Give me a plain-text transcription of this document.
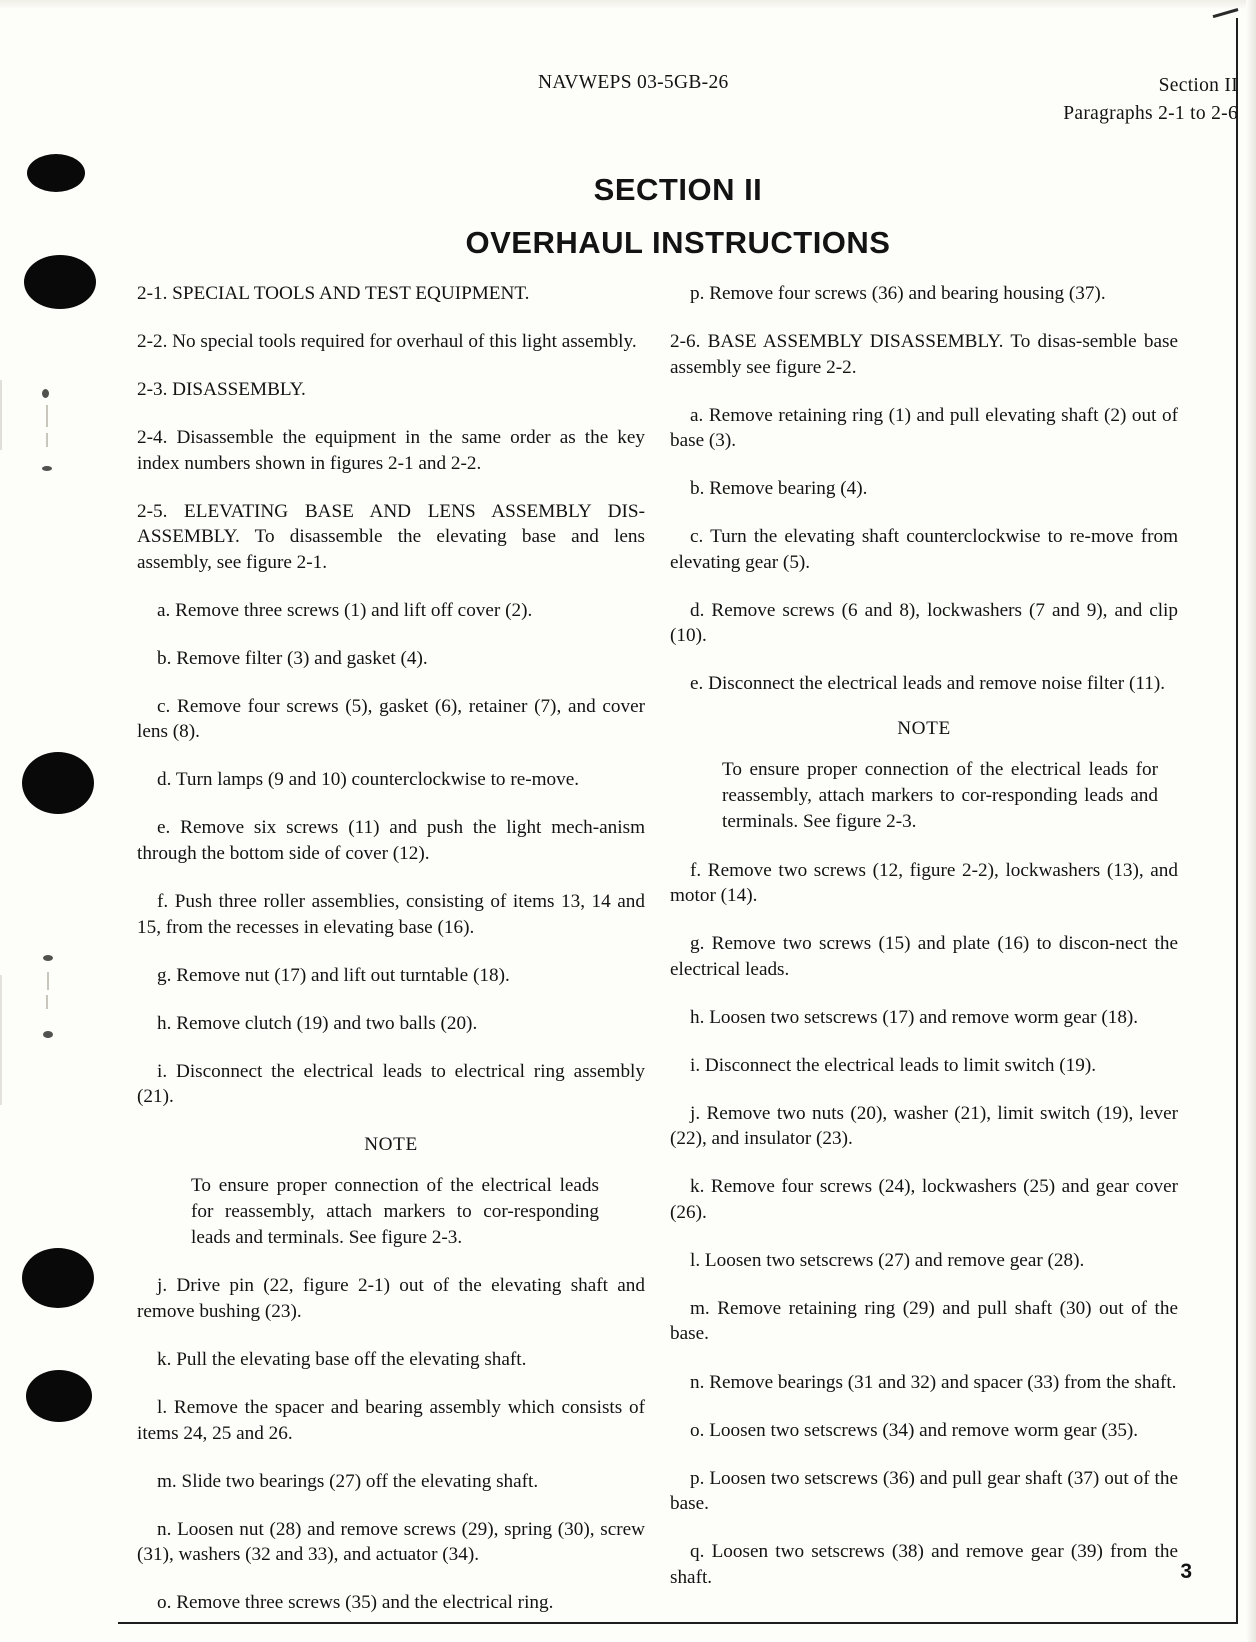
NAVWEPS 03-5GB-26	Section II
Paragraphs 2-1 to 2-6
SECTION II
OVERHAUL INSTRUCTIONS

2-1. SPECIAL TOOLS AND TEST EQUIPMENT.

2-2. No special tools required for overhaul of this light assembly.

2-3. DISASSEMBLY.

2-4. Disassemble the equipment in the same order as the key index numbers shown in figures 2-1 and 2-2.

2-5. ELEVATING BASE AND LENS ASSEMBLY DIS-ASSEMBLY. To disassemble the elevating base and lens assembly, see figure 2-1.

a. Remove three screws (1) and lift off cover (2).

b. Remove filter (3) and gasket (4).

c. Remove four screws (5), gasket (6), retainer (7), and cover lens (8).

d. Turn lamps (9 and 10) counterclockwise to re-move.

e. Remove six screws (11) and push the light mech-anism through the bottom side of cover (12).

f. Push three roller assemblies, consisting of items 13, 14 and 15, from the recesses in elevating base (16).

g. Remove nut (17) and lift out turntable (18).

h. Remove clutch (19) and two balls (20).

i. Disconnect the electrical leads to electrical ring assembly (21).

NOTE
To ensure proper connection of the electrical leads for reassembly, attach markers to cor-responding leads and terminals. See figure 2-3.

j. Drive pin (22, figure 2-1) out of the elevating shaft and remove bushing (23).

k. Pull the elevating base off the elevating shaft.

l. Remove the spacer and bearing assembly which consists of items 24, 25 and 26.

m. Slide two bearings (27) off the elevating shaft.

n. Loosen nut (28) and remove screws (29), spring (30), screw (31), washers (32 and 33), and actuator (34).

o. Remove three screws (35) and the electrical ring.

p. Remove four screws (36) and bearing housing (37).

2-6. BASE ASSEMBLY DISASSEMBLY. To disas-semble base assembly see figure 2-2.

a. Remove retaining ring (1) and pull elevating shaft (2) out of base (3).

b. Remove bearing (4).

c. Turn the elevating shaft counterclockwise to re-move from elevating gear (5).

d. Remove screws (6 and 8), lockwashers (7 and 9), and clip (10).

e. Disconnect the electrical leads and remove noise filter (11).

NOTE
To ensure proper connection of the electrical leads for reassembly, attach markers to cor-responding leads and terminals. See figure 2-3.

f. Remove two screws (12, figure 2-2), lockwashers (13), and motor (14).

g. Remove two screws (15) and plate (16) to discon-nect the electrical leads.

h. Loosen two setscrews (17) and remove worm gear (18).

i. Disconnect the electrical leads to limit switch (19).

j. Remove two nuts (20), washer (21), limit switch (19), lever (22), and insulator (23).

k. Remove four screws (24), lockwashers (25) and gear cover (26).

l. Loosen two setscrews (27) and remove gear (28).

m. Remove retaining ring (29) and pull shaft (30) out of the base.

n. Remove bearings (31 and 32) and spacer (33) from the shaft.

o. Loosen two setscrews (34) and remove worm gear (35).

p. Loosen two setscrews (36) and pull gear shaft (37) out of the base.

q. Loosen two setscrews (38) and remove gear (39) from the shaft.	3
